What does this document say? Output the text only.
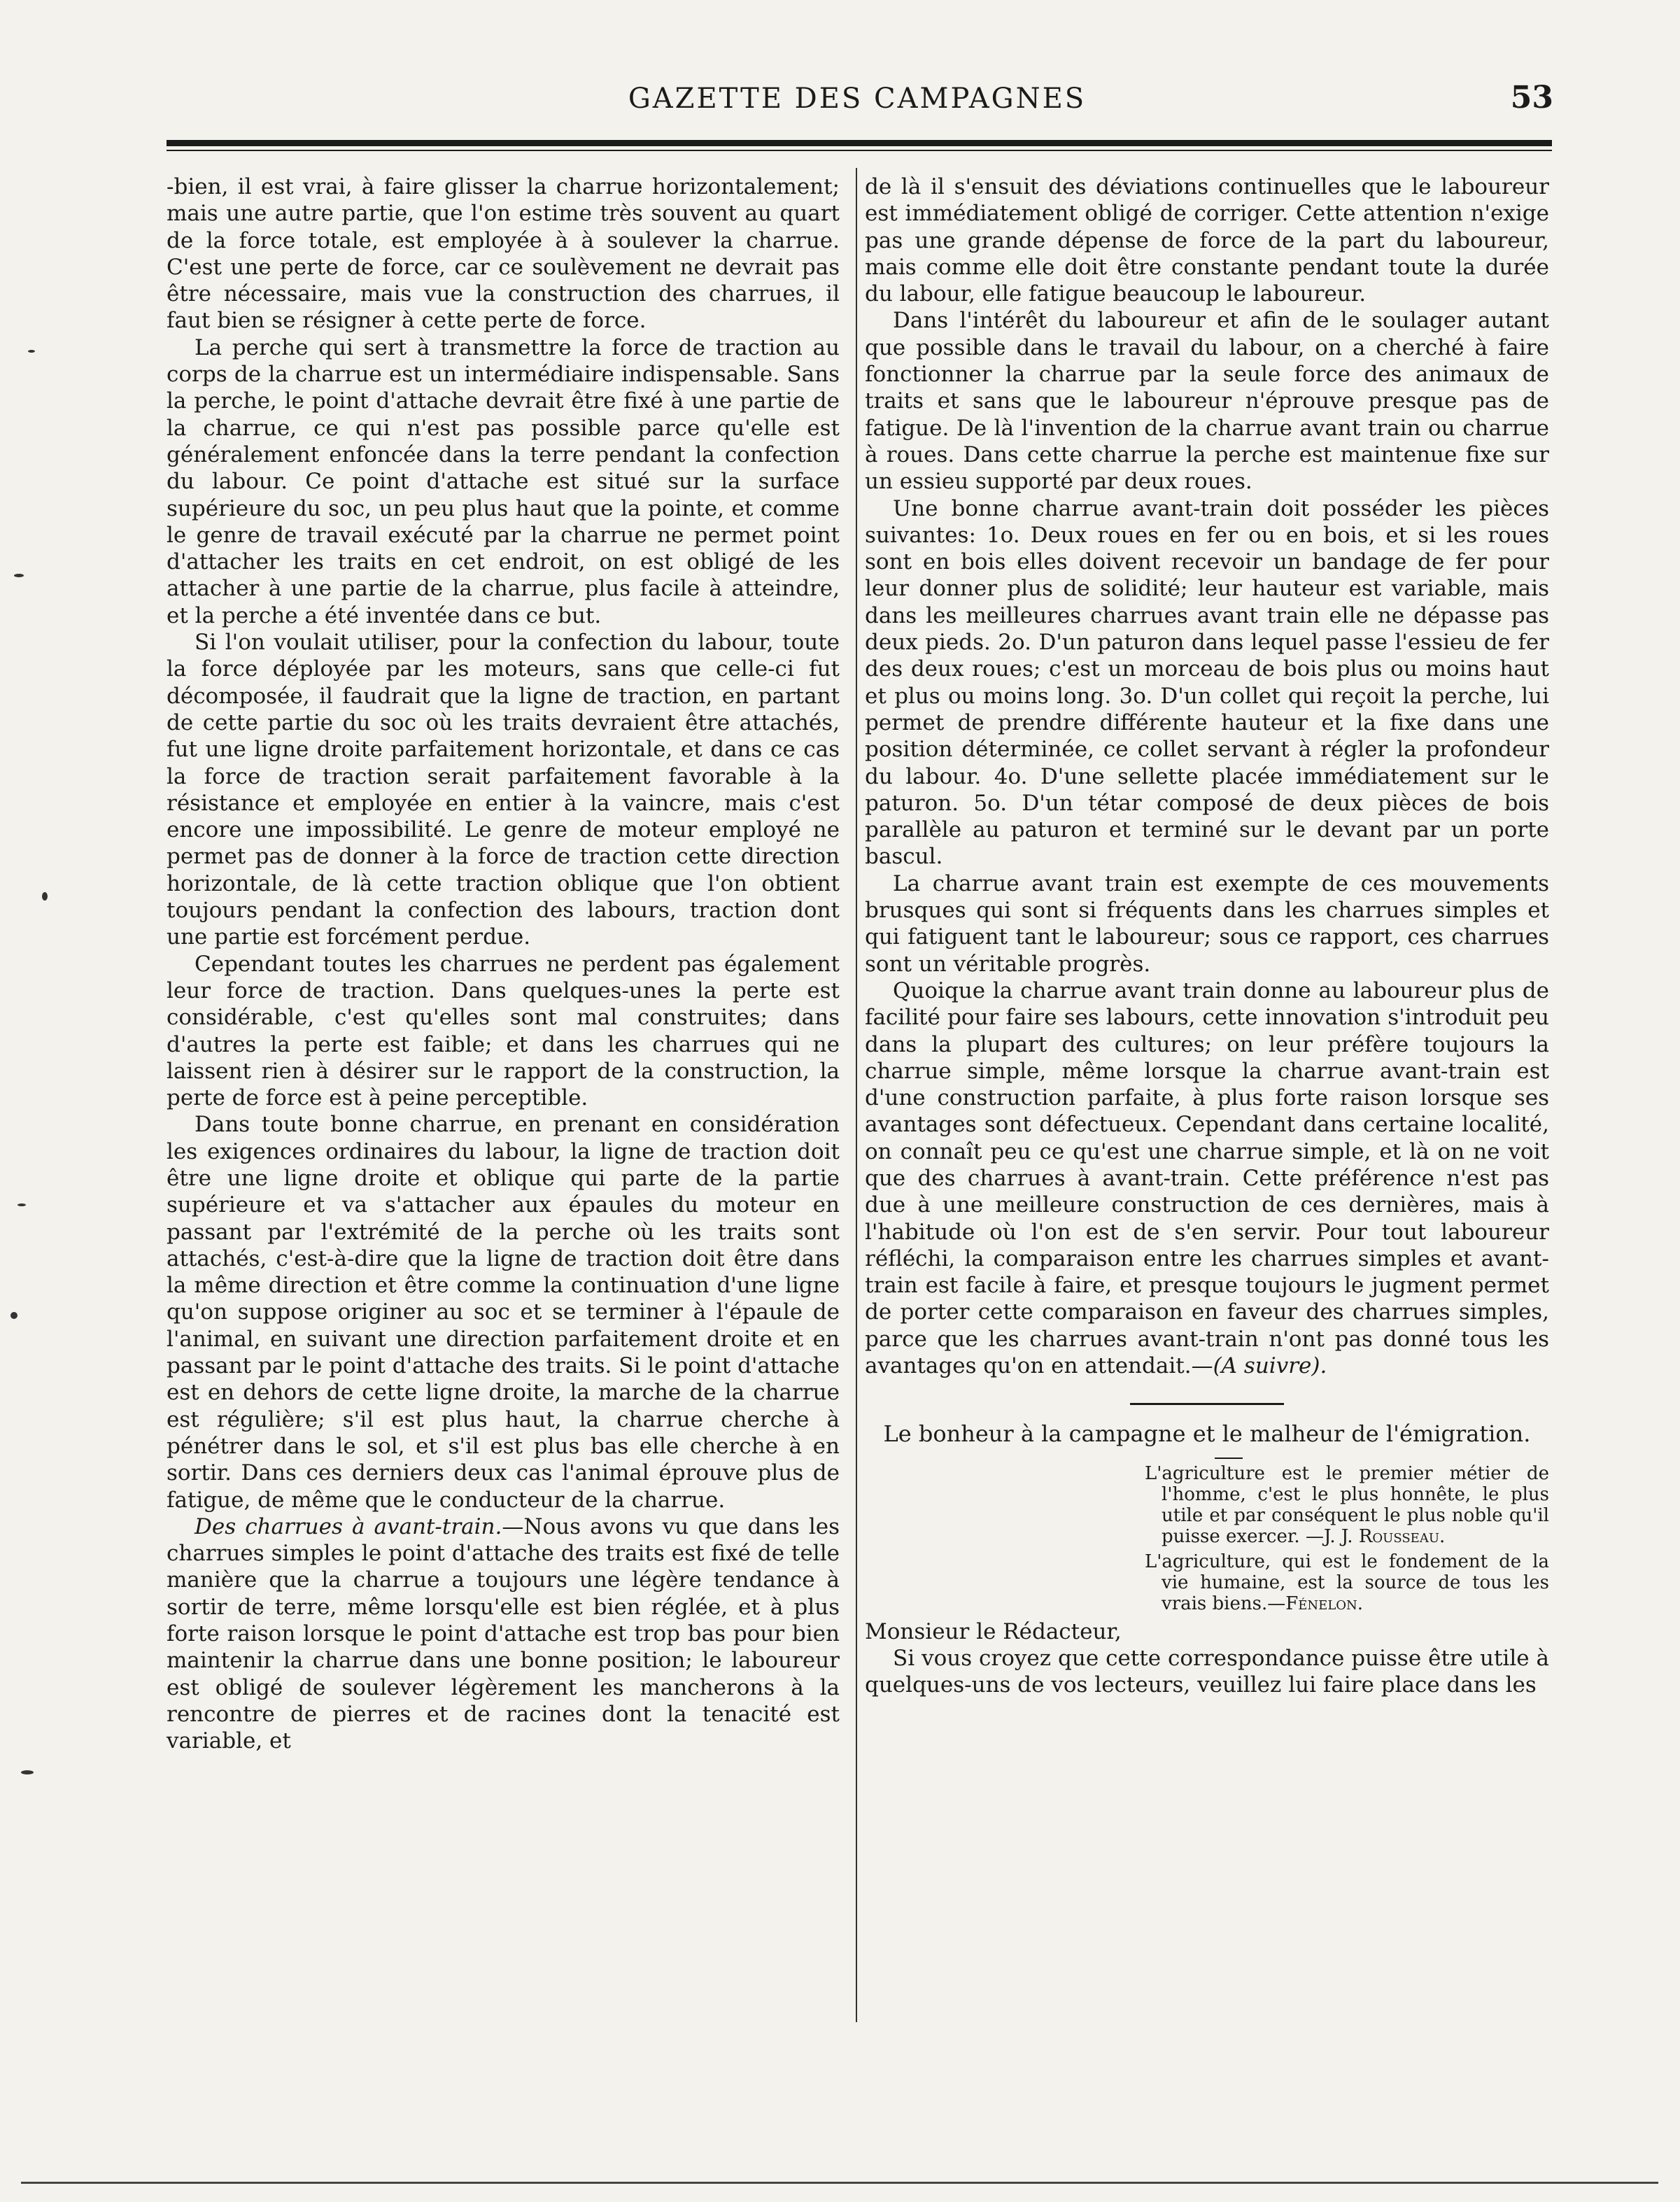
GAZETTE DES CAMPAGNES	53

-bien, il est vrai, à faire glisser la charrue horizontalement; mais une autre partie, que l'on estime très souvent au quart de la force totale, est employée à à soulever la charrue. C'est une perte de force, car ce soulèvement ne devrait pas être nécessaire, mais vue la construction des charrues, il faut bien se résigner à cette perte de force.

La perche qui sert à transmettre la force de traction au corps de la charrue est un intermédiaire indispensable. Sans la perche, le point d'attache devrait être fixé à une partie de la charrue, ce qui n'est pas possible parce qu'elle est généralement enfoncée dans la terre pendant la confection du labour. Ce point d'attache est situé sur la surface supérieure du soc, un peu plus haut que la pointe, et comme le genre de travail exécuté par la charrue ne permet point d'attacher les traits en cet endroit, on est obligé de les attacher à une partie de la charrue, plus facile à atteindre, et la perche a été inventée dans ce but.

Si l'on voulait utiliser, pour la confection du labour, toute la force déployée par les moteurs, sans que celle-ci fut décomposée, il faudrait que la ligne de traction, en partant de cette partie du soc où les traits devraient être attachés, fut une ligne droite parfaitement horizontale, et dans ce cas la force de traction serait parfaitement favorable à la résistance et employée en entier à la vaincre, mais c'est encore une impossibilité. Le genre de moteur employé ne permet pas de donner à la force de traction cette direction horizontale, de là cette traction oblique que l'on obtient toujours pendant la confection des labours, traction dont une partie est forcément perdue.

Cependant toutes les charrues ne perdent pas également leur force de traction. Dans quelques-unes la perte est considérable, c'est qu'elles sont mal construites; dans d'autres la perte est faible; et dans les charrues qui ne laissent rien à désirer sur le rapport de la construction, la perte de force est à peine perceptible.

Dans toute bonne charrue, en prenant en considération les exigences ordinaires du labour, la ligne de traction doit être une ligne droite et oblique qui parte de la partie supérieure et va s'attacher aux épaules du moteur en passant par l'extrémité de la perche où les traits sont attachés, c'est-à-dire que la ligne de traction doit être dans la même direction et être comme la continuation d'une ligne qu'on suppose originer au soc et se terminer à l'épaule de l'animal, en suivant une direction parfaitement droite et en passant par le point d'attache des traits. Si le point d'attache est en dehors de cette ligne droite, la marche de la charrue est régulière; s'il est plus haut, la charrue cherche à pénétrer dans le sol, et s'il est plus bas elle cherche à en sortir. Dans ces derniers deux cas l'animal éprouve plus de fatigue, de même que le conducteur de la charrue.

Des charrues à avant-train.—Nous avons vu que dans les charrues simples le point d'attache des traits est fixé de telle manière que la charrue a toujours une légère tendance à sortir de terre, même lorsqu'elle est bien réglée, et à plus forte raison lorsque le point d'attache est trop bas pour bien maintenir la charrue dans une bonne position; le laboureur est obligé de soulever légèrement les mancherons à la rencontre de pierres et de racines dont la tenacité est variable, et

de là il s'ensuit des déviations continuelles que le laboureur est immédiatement obligé de corriger. Cette attention n'exige pas une grande dépense de force de la part du laboureur, mais comme elle doit être constante pendant toute la durée du labour, elle fatigue beaucoup le laboureur.

Dans l'intérêt du laboureur et afin de le soulager autant que possible dans le travail du labour, on a cherché à faire fonctionner la charrue par la seule force des animaux de traits et sans que le laboureur n'éprouve presque pas de fatigue. De là l'invention de la charrue avant train ou charrue à roues. Dans cette charrue la perche est maintenue fixe sur un essieu supporté par deux roues.

Une bonne charrue avant-train doit posséder les pièces suivantes: 1o. Deux roues en fer ou en bois, et si les roues sont en bois elles doivent recevoir un bandage de fer pour leur donner plus de solidité; leur hauteur est variable, mais dans les meilleures charrues avant train elle ne dépasse pas deux pieds. 2o. D'un paturon dans lequel passe l'essieu de fer des deux roues; c'est un morceau de bois plus ou moins haut et plus ou moins long. 3o. D'un collet qui reçoit la perche, lui permet de prendre différente hauteur et la fixe dans une position déterminée, ce collet servant à régler la profondeur du labour. 4o. D'une sellette placée immédiatement sur le paturon. 5o. D'un tétar composé de deux pièces de bois parallèle au paturon et terminé sur le devant par un porte bascul.

La charrue avant train est exempte de ces mouvements brusques qui sont si fréquents dans les charrues simples et qui fatiguent tant le laboureur; sous ce rapport, ces charrues sont un véritable progrès.

Quoique la charrue avant train donne au laboureur plus de facilité pour faire ses labours, cette innovation s'introduit peu dans la plupart des cultures; on leur préfère toujours la charrue simple, même lorsque la charrue avant-train est d'une construction parfaite, à plus forte raison lorsque ses avantages sont défectueux. Cependant dans certaine localité, on connaît peu ce qu'est une charrue simple, et là on ne voit que des charrues à avant-train. Cette préférence n'est pas due à une meilleure construction de ces dernières, mais à l'habitude où l'on est de s'en servir. Pour tout laboureur réfléchi, la comparaison entre les charrues simples et avant-train est facile à faire, et presque toujours le jugment permet de porter cette comparaison en faveur des charrues simples, parce que les charrues avant-train n'ont pas donné tous les avantages qu'on en attendait.—(A suivre).

Le bonheur à la campagne et le malheur de l'émigration.

L'agriculture est le premier métier de l'homme, c'est le plus honnête, le plus utile et par conséquent le plus noble qu'il puisse exercer. —J. J. Rousseau.

L'agriculture, qui est le fondement de la vie humaine, est la source de tous les vrais biens.—Fénelon.

Monsieur le Rédacteur,

Si vous croyez que cette correspondance puisse être utile à quelques-uns de vos lecteurs, veuillez lui faire place dans les
